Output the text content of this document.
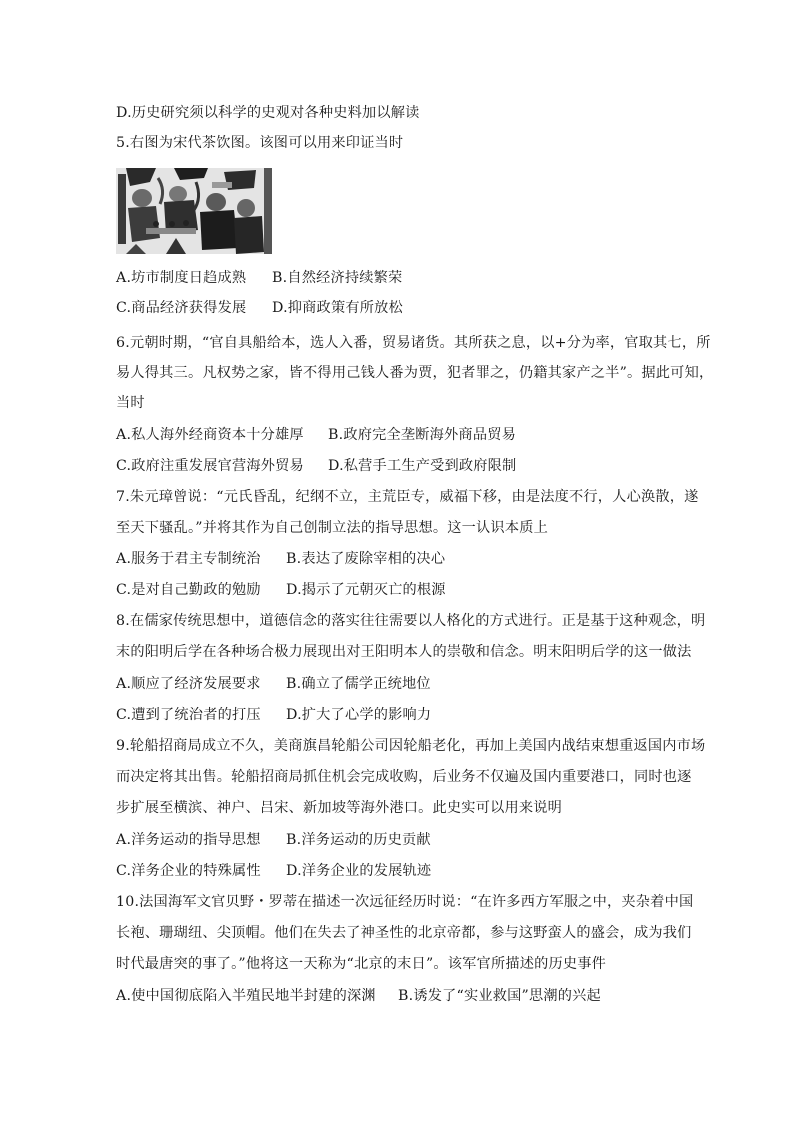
D.历史研究须以科学的史观对各种史料加以解读
5.右图为宋代茶饮图。该图可以用来印证当时
A.坊市制度日趋成熟 B.自然经济持续繁荣
C.商品经济获得发展 D.抑商政策有所放松
6.元朝时期，“官自具船给本，选人入番，贸易诸货。其所获之息，以+分为率，官取其七，所
易人得其三。凡权势之家，皆不得用己钱人番为贾，犯者罪之，仍籍其家产之半”。据此可知，
当时
A.私人海外经商资本十分雄厚 B.政府完全垄断海外商品贸易
C.政府注重发展官营海外贸易 D.私营手工生产受到政府限制
7.朱元璋曾说：“元氏昏乱，纪纲不立，主荒臣专，威福下移，由是法度不行，人心涣散，遂
至天下骚乱。”并将其作为自己创制立法的指导思想。这一认识本质上
A.服务于君主专制统治 B.表达了废除宰相的决心
C.是对自己勤政的勉励 D.揭示了元朝灭亡的根源
8.在儒家传统思想中，道德信念的落实往往需要以人格化的方式进行。正是基于这种观念，明
末的阳明后学在各种场合极力展现出对王阳明本人的崇敬和信念。明末阳明后学的这一做法
A.顺应了经济发展要求 B.确立了儒学正统地位
C.遭到了统治者的打压 D.扩大了心学的影响力
9.轮船招商局成立不久，美商旗昌轮船公司因轮船老化，再加上美国内战结束想重返国内市场
而决定将其出售。轮船招商局抓住机会完成收购，后业务不仅遍及国内重要港口，同时也逐
步扩展至横滨、神户、吕宋、新加坡等海外港口。此史实可以用来说明
A.洋务运动的指导思想 B.洋务运动的历史贡献
C.洋务企业的特殊属性 D.洋务企业的发展轨迹
10.法国海军文官贝野・罗蒂在描述一次远征经历时说：“在许多西方军服之中，夹杂着中国
长袍、珊瑚纽、尖顶帽。他们在失去了神圣性的北京帝都，参与这野蛮人的盛会，成为我们
时代最唐突的事了。”他将这一天称为“北京的末日”。该军官所描述的历史事件
A.使中国彻底陷入半殖民地半封建的深渊 B.诱发了“实业救国”思潮的兴起
